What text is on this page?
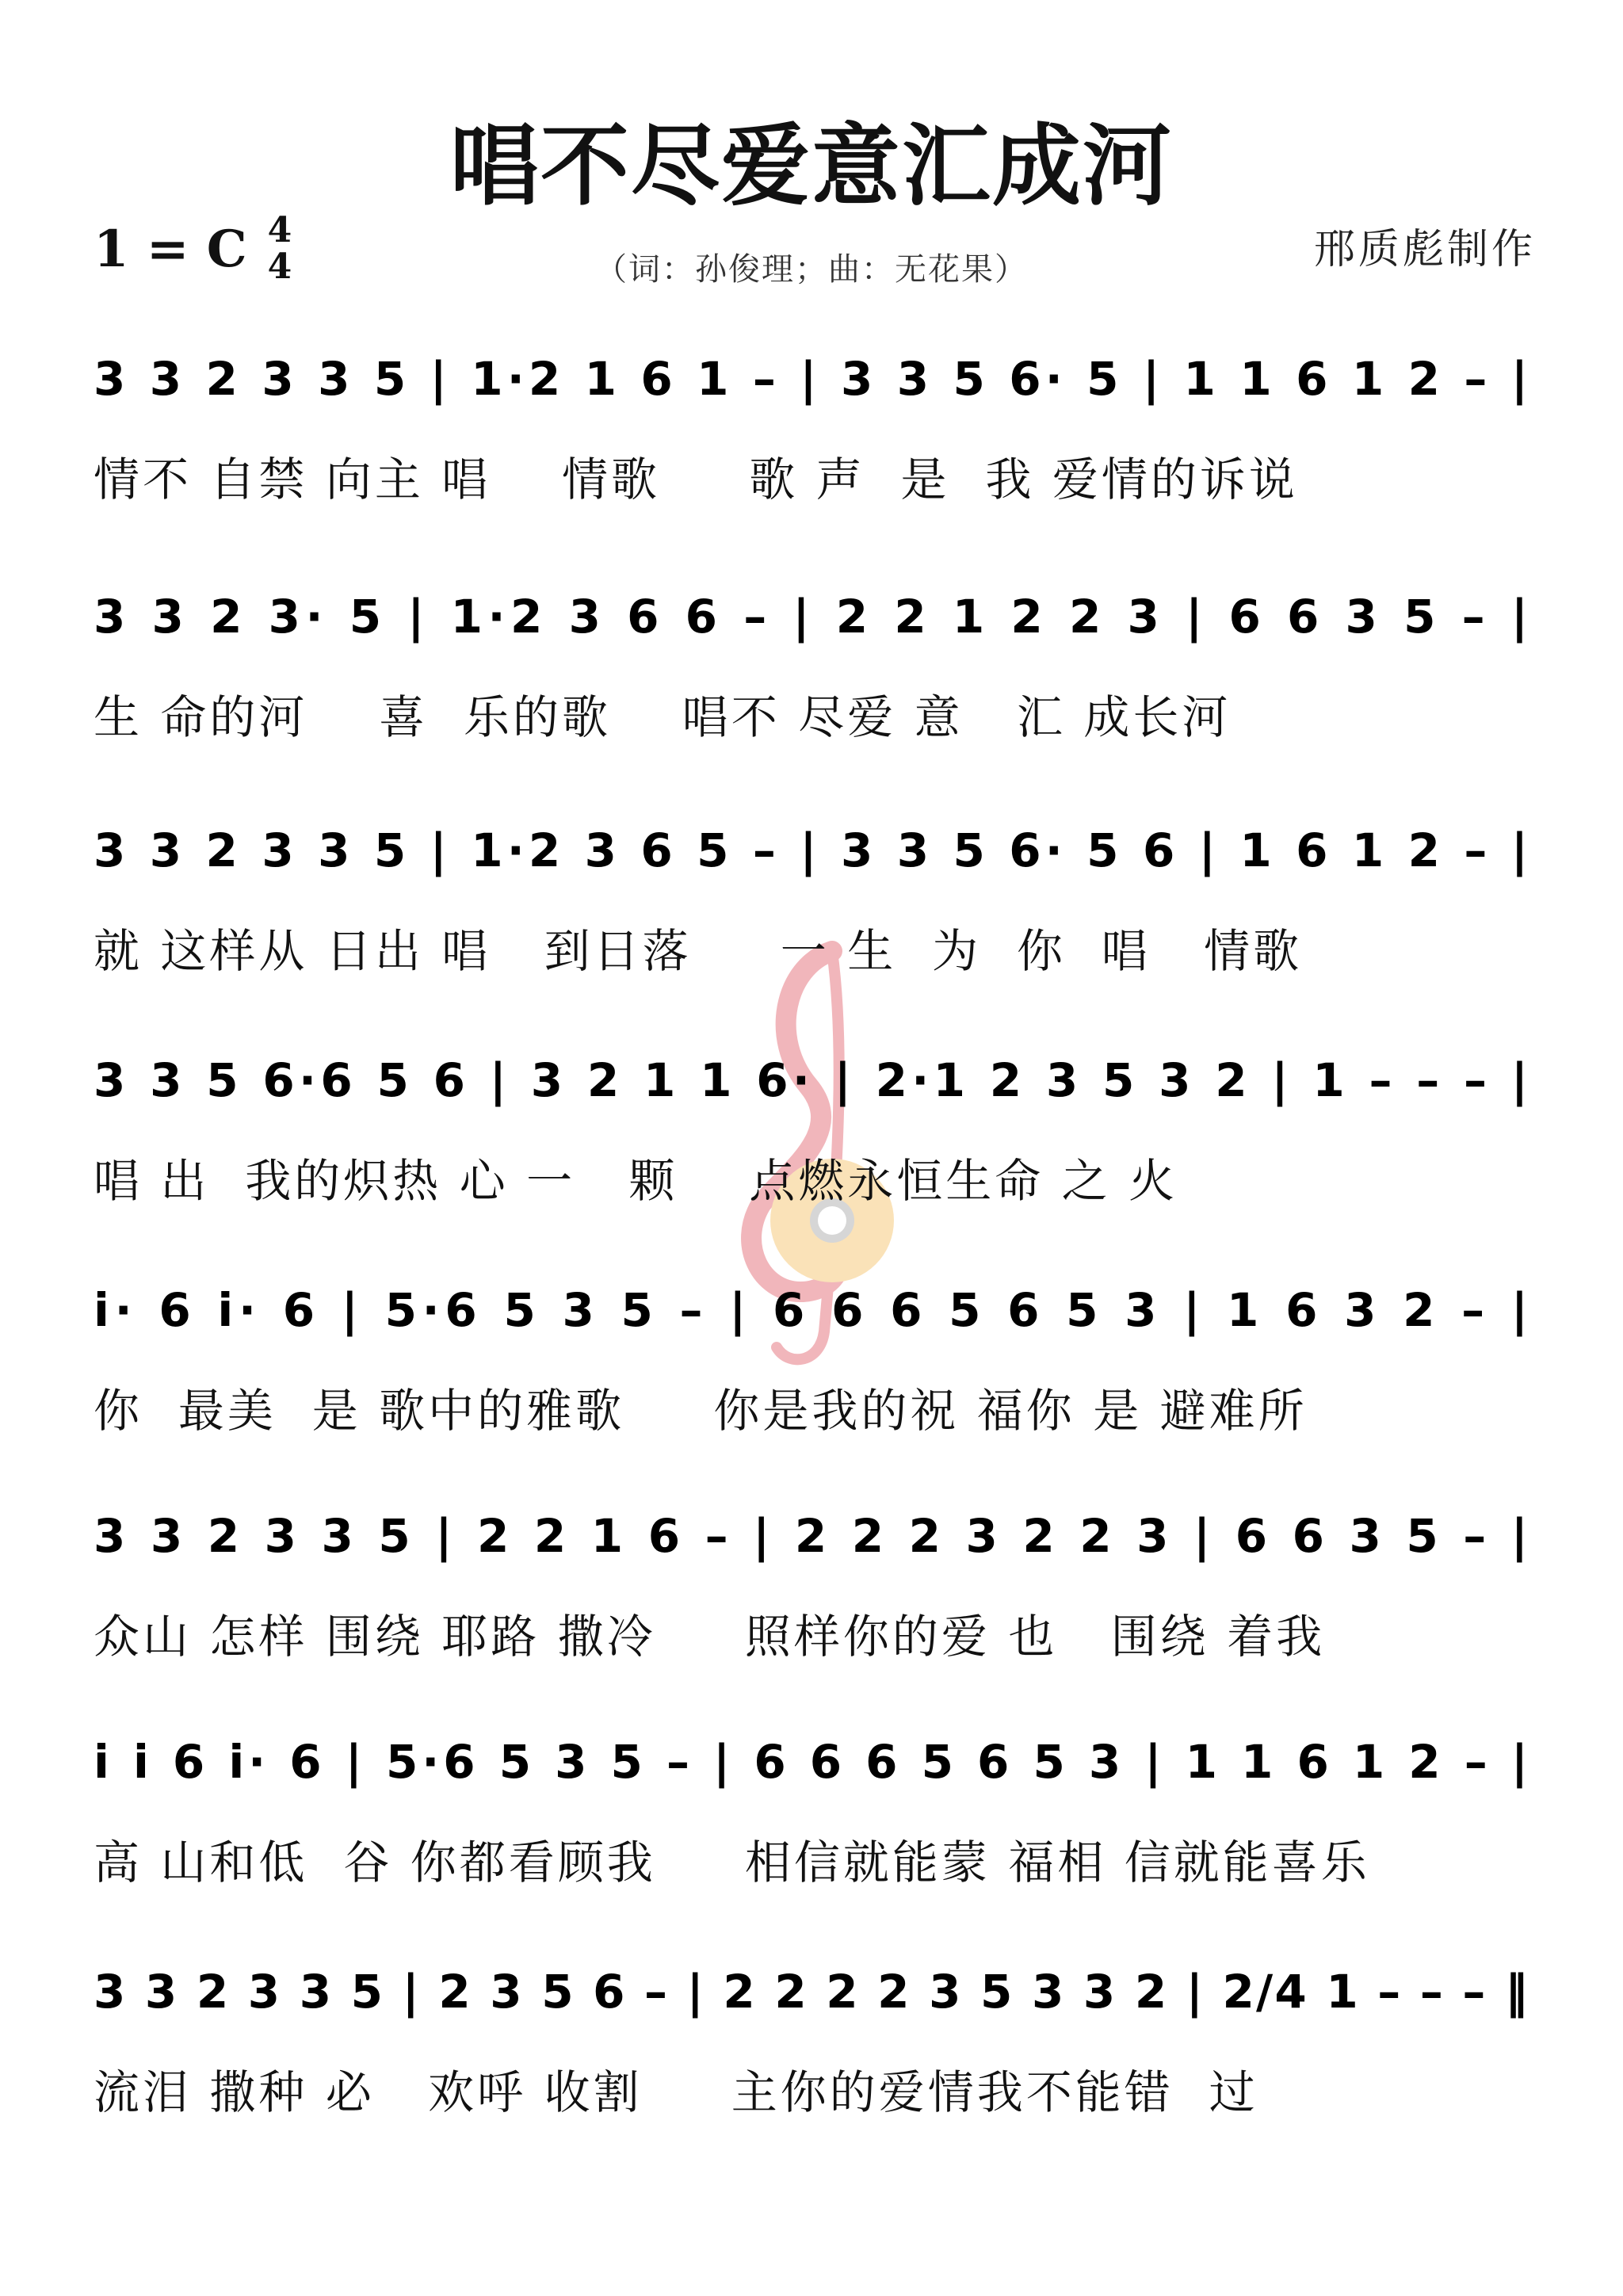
唱不尽爱意汇成河
1 = C 4
4	（词：孙俊理；曲：无花果）	邢质彪制作
3 3 2 3 3 5 | 1·2 1 6 1 – | 3 3 5 6· 5 | 1 1 6 1 2 – |
情不 自禁 向主 唱    情歌     歌 声  是  我 爱情的诉说
3 3 2 3· 5 | 1·2 3 6 6 – | 2 2 1 2 2 3 | 6 6 3 5 – |
生 命的河    喜  乐的歌    唱不 尽爱 意   汇 成长河
3 3 2 3 3 5 | 1·2 3 6 5 – | 3 3 5 6· 5 6 | 1 6 1 2 – |
就 这样从 日出 唱   到日落     一 生  为  你  唱   情歌
3 3 5 6·6 5 6 | 3 2 1 1 6· | 2·1 2 3 5 3 2 | 1 – – – |
唱 出  我的炽热 心 一   颗    点燃永恒生命 之 火
i· 6 i· 6 | 5·6 5 3 5 – | 6 6 6 5 6 5 3 | 1 6 3 2 – |
你  最美  是 歌中的雅歌     你是我的祝 福你 是 避难所
3 3 2 3 3 5 | 2 2 1 6 – | 2 2 2 3 2 2 3 | 6 6 3 5 – |
众山 怎样 围绕 耶路 撒冷     照样你的爱 也   围绕 着我
i i 6 i· 6 | 5·6 5 3 5 – | 6 6 6 5 6 5 3 | 1 1 6 1 2 – |
高 山和低  谷 你都看顾我     相信就能蒙 福相 信就能喜乐
3 3 2 3 3 5 | 2 3 5 6 – | 2 2 2 2 3 5 3 3 2 | 2/4 1 – – – ‖
流泪 撒种 必   欢呼 收割     主你的爱情我不能错  过
